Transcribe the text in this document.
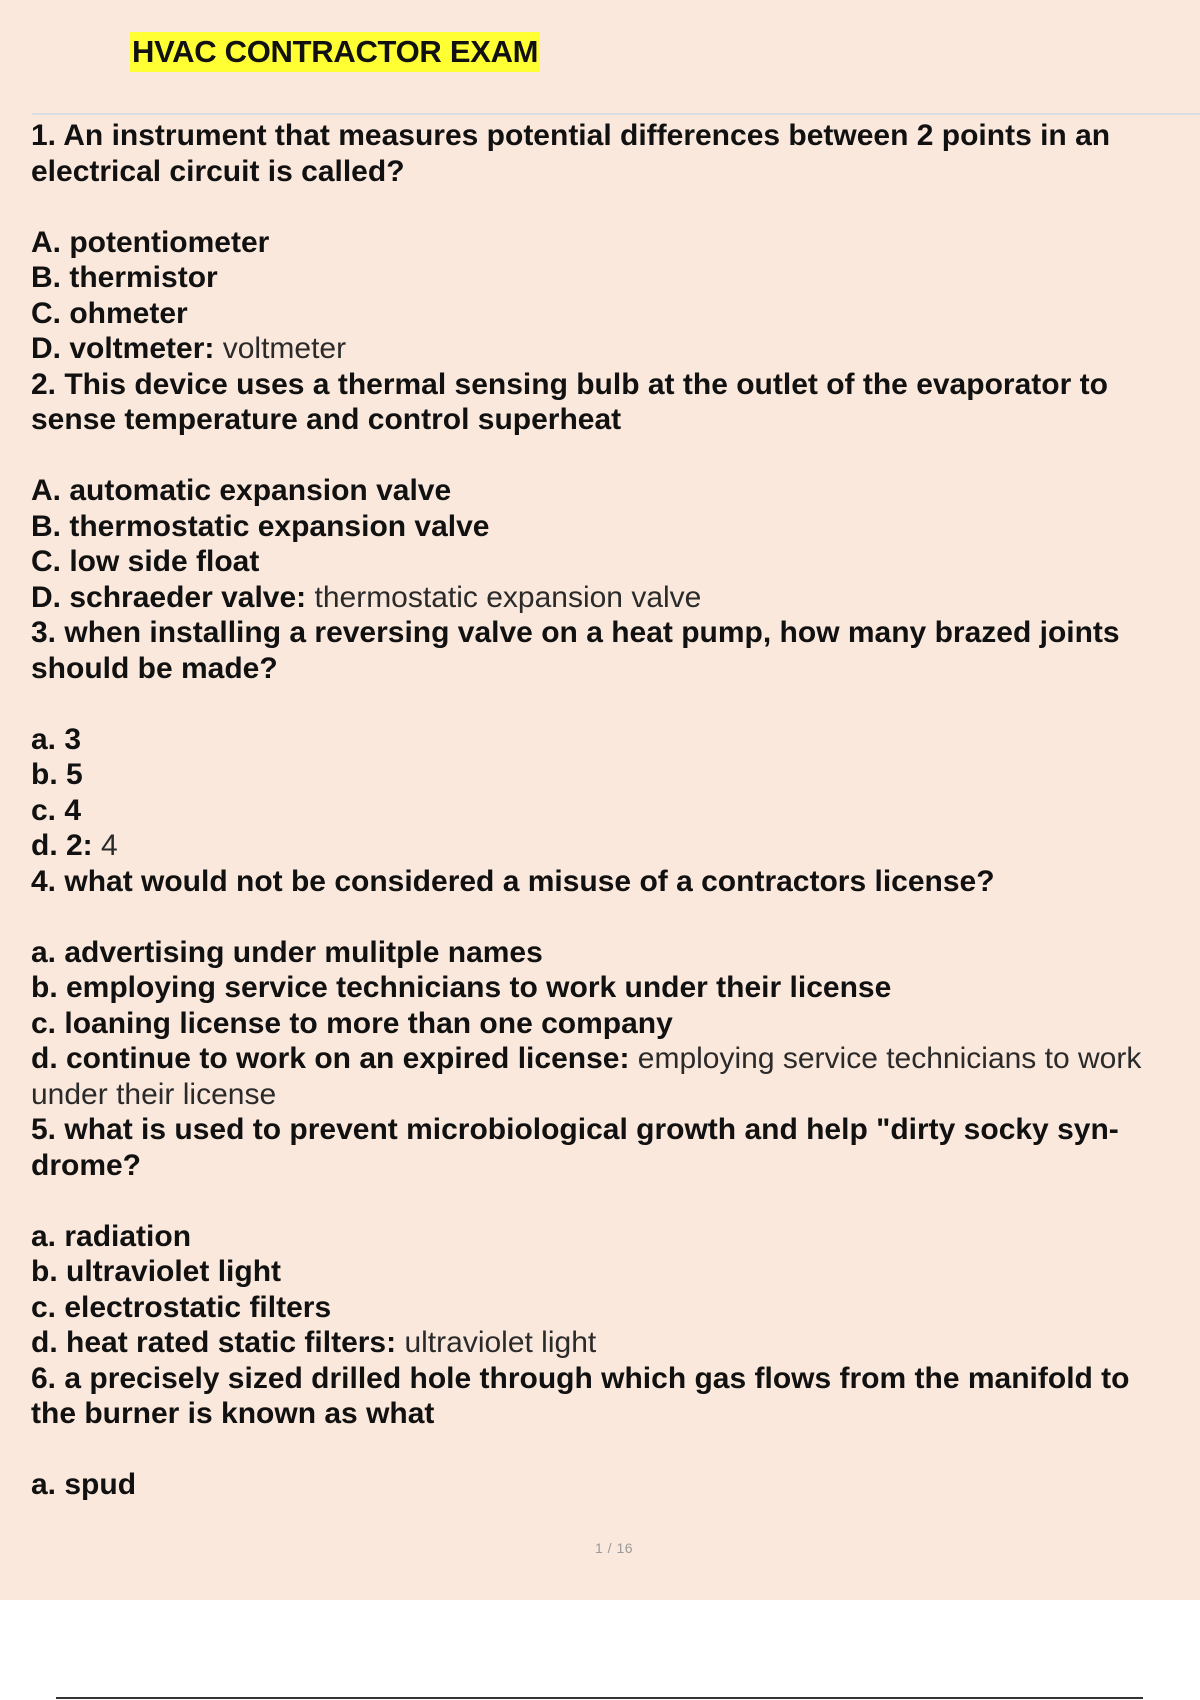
HVAC CONTRACTOR EXAM

1. An instrument that measures potential differences between 2 points in an
electrical circuit is called?

A. potentiometer

B. thermistor

C. ohmeter

D. voltmeter: voltmeter

2. This device uses a thermal sensing bulb at the outlet of the evaporator to
sense temperature and control superheat

A. automatic expansion valve

B. thermostatic expansion valve

C. low side float

D. schraeder valve: thermostatic expansion valve

3. when installing a reversing valve on a heat pump, how many brazed joints
should be made?

a. 3

b. 5

c. 4

d. 2: 4

4. what would not be considered a misuse of a contractors license?

a. advertising under mulitple names

b. employing service technicians to work under their license

c. loaning license to more than one company

d. continue to work on an expired license: employing service technicians to work under their license

5. what is used to prevent microbiological growth and help "dirty socky syn-
drome?

a. radiation

b. ultraviolet light

c. electrostatic filters

d. heat rated static filters: ultraviolet light

6. a precisely sized drilled hole through which gas flows from the manifold to
the burner is known as what

a. spud

1 / 16
